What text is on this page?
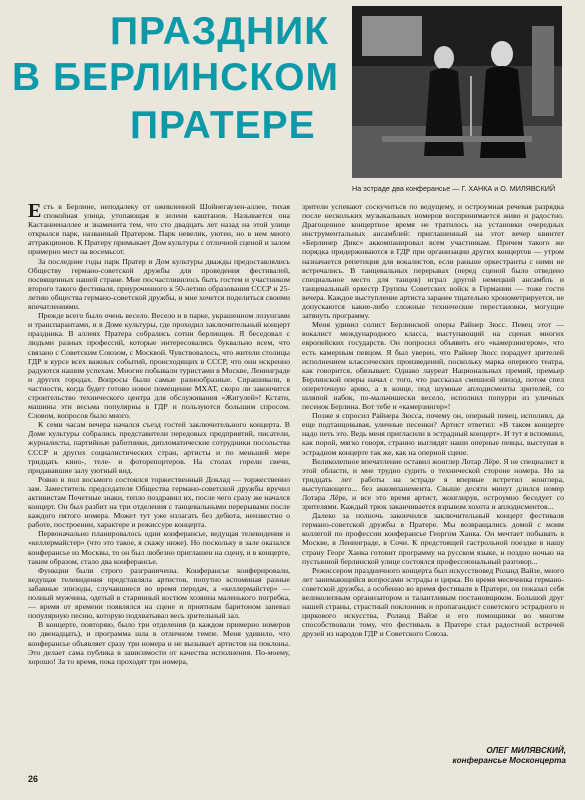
ПРАЗДНИК
В БЕРЛИНСКОМ
ПРАТЕРЕ
На эстраде два конферансье — Г. ХАНКА и О. МИЛЯВСКИЙ

Есть в Берлине, неподалеку от оживленной Шойнегаузен-аллее, тихая спокойная улица, утопающая в зелени каштанов. Называется она Кастаниеналлее и знаменита тем, что сто двадцать лет назад на этой улице открылся парк, названный Пратером. Парк невелик, уютен, но в нем много аттракционов. К Пратеру примыкает Дом культуры с отличной сценой и залом примерно мест на восемьсот.

За последние годы парк Пратер и Дом культуры дважды предоставлялись Обществу германо-советской дружбы для проведения фестивалей, посвященных нашей стране. Мне посчастливилось быть гостем и участником второго такого фестиваля, приуроченного к 50-летию образования СССР и 25-летию общества германо-советской дружбы, и мне хочется поделиться своими впечатлениями.

Прежде всего было очень весело. Весело и в парке, украшенном лозунгами и транспарантами, и в Доме культуры, где проходил заключительный концерт праздника. В аллеях Пратера собрались сотни берлинцев. Я беседовал с людьми разных профессий, которые интересовались буквально всем, что связано с Советским Союзом, с Москвой. Чувствовалось, что жители столицы ГДР в курсе всех важных событий, происходящих в СССР, что они искренно радуются нашим успехам. Многие побывали туристами в Москве, Ленинграде и других городах. Вопросы были самые разнообразные. Спрашивали, в частности, когда будет готово новое помещение МХАТ, скоро ли закончится строительство технического центра для обслуживания «Жигулей»! Кстати, машины эти весьма популярны в ГДР и пользуются большим спросом. Словом, вопросов было много.

К семи часам вечера начался съезд гостей заключительного концерта. В Доме культуры собрались представители передовых предприятий, писатели, журналисты, партийные работники, дипломатические сотрудники посольства СССР и других социалистических стран, артисты и по меньшей мере тридцать кино-, теле- и фоторепортеров. На столах горели свечи, придававшие залу уютный вид.

Ровно в пол восьмого состоялся торжественный Доклад — торжественно зам. Заместитель председателя Общества германо-советской дружбы вручил активистам Почетные знаки, тепло поздравил их, после чего сразу же начался концерт. Он был разбит на три отделения с танцевальными перерывами после каждого пятого номера. Может тут уже излагать без дебюта, неизвестно о работе, построении, характере и режиссуре концерта.

Первоначально планировалось одни конферансье, ведущая телевидения и «келлермайстер» (что это такое, я скажу ниже). Но поскольку в зале оказался конферансье из Москвы, то он был любезно приглашен на сцену, и в концерте, таким образом, стало два конферансье.

Функции были строго разграничены. Конферансье конферировали, ведущая телевидения представляла артистов, попутно вспоминая разные забавные эпизоды, случавшиеся во время передач, а «келлермайстер» — полный мужчина, одетый в старинный костюм хозяина маленького погребка, — время от времени появлялся на сцене и приятным баритоном запевал популярную песню, которую подхватывал весь зрительный зал.

В концерте, повторяю, было три отделения (в каждом примерно номеров по двенадцать), и программа шла в отличном темпе. Меня удивило, что конферансье объявляет сразу три номера и не вызывает артистов на поклоны. Это делает сама публика в зависимости от качества исполнения. По-моему, хорошо! За то время, пока проходят три номера,

зрители успевают соскучиться по ведущему, и остроумная речевая разрядка после нескольких музыкальных номеров воспринимается живо и радостно. Драгоценное концертное время не тратилось на установки очередных инструментальных ансамблей: приглашенный на этот вечер квинтет «Берлинер Дикс» аккомпанировал всем участникам. Причем такого же порядка придерживаются в ГДР при организации других концертов — утром назначается репетиция для вокалистов, если раньше оркестранты с ними не встречались. В танцевальных перерывах (перед сценой было отведено специальное место для танцев) играл другой немецкий ансамбль и танцевальный оркестр Группы Советских войск в Германии — тоже гости вечера. Каждое выступление артиста заранее тщательно хронометрируется, не допускаются какие-либо сложные технические перестановки, могущие затянуть программу.

Меня удивил солист Берлинской оперы Райнер Зюсс. Певец этот — вокалист международного класса, выступающий на сценах многих европейских государств. Он попросил объявить его «камерзингером», что есть камерным певцом. Я был уверен, что Райнер Зюсс порадует зрителей исполнением классических произведений, поскольку марка оперного театра, как говорится, обязывает. Однако лауреат Национальных премий, премьер Берлинской оперы начал с того, что рассказал смешной эпизод, потом спел опереточную арию, а в конце, под шумные аплодисменты зрителей, со шляпой набок, по-мальчишески весело, исполнил попурри из уличных песенок Берлина. Вот тебе и «камерзингер»!

Позже я спросил Райнера Зюсса, почему он, оперный певец, исполнял, да еще подтанцовывая, уличные песенки? Артист ответил: «В таком концерте надо петь это. Ведь меня пригласили в эстрадный концерт». И тут я вспомнил, как порой, мягко говоря, странно выглядят наши оперные певцы, выступая в эстрадном концерте так же, как на оперной сцене.

Великолепное впечатление оставил жонглер Лотар Лёре. Я не специалист в этой области, и мне трудно судить о технической стороне номера. Но за тридцать лет работы на эстраде я впервые встретил жонглера, выступающего... без аккомпанемента. Свыше десяти минут длился номер Лотара Лёре, и все это время артист, жонглируя, остроумно беседует со зрителями. Каждый трюк заканчивается взрывом хохота и аплодисментов...

Далеко за полночь закончился заключительный концерт фестиваля германо-советской дружбы в Пратере. Мы возвращались домой с моим коллегой по профессии конферансье Георгом Ханка. Он мечтает побывать в Москве, в Ленинграде, в Сочи. К предстоящей гастрольной поездке в нашу страну Георг Ханка готовит программу на русском языке, и поздно ночью на пустынной берлинской улице состоялся профессиональный разговор...

Режиссером праздничного концерта был искусствовед Роланд Вайзе, много лет занимающийся вопросами эстрады и цирка. Во время месячника германо-советской дружбы, а особенно во время фестиваля в Пратере, он показал себя великолепным организатором и талантливым постановщиком. Большой друг нашей страны, страстный поклонник и пропагандист советского эстрадного и циркового искусства, Роланд Вайзе и его помощники во многом способствовали тому, что фестиваль в Пратере стал радостной встречей друзей из народов ГДР и Советского Союза.

ОЛЕГ МИЛЯВСКИЙ,
конферансье Москонцерта
26
